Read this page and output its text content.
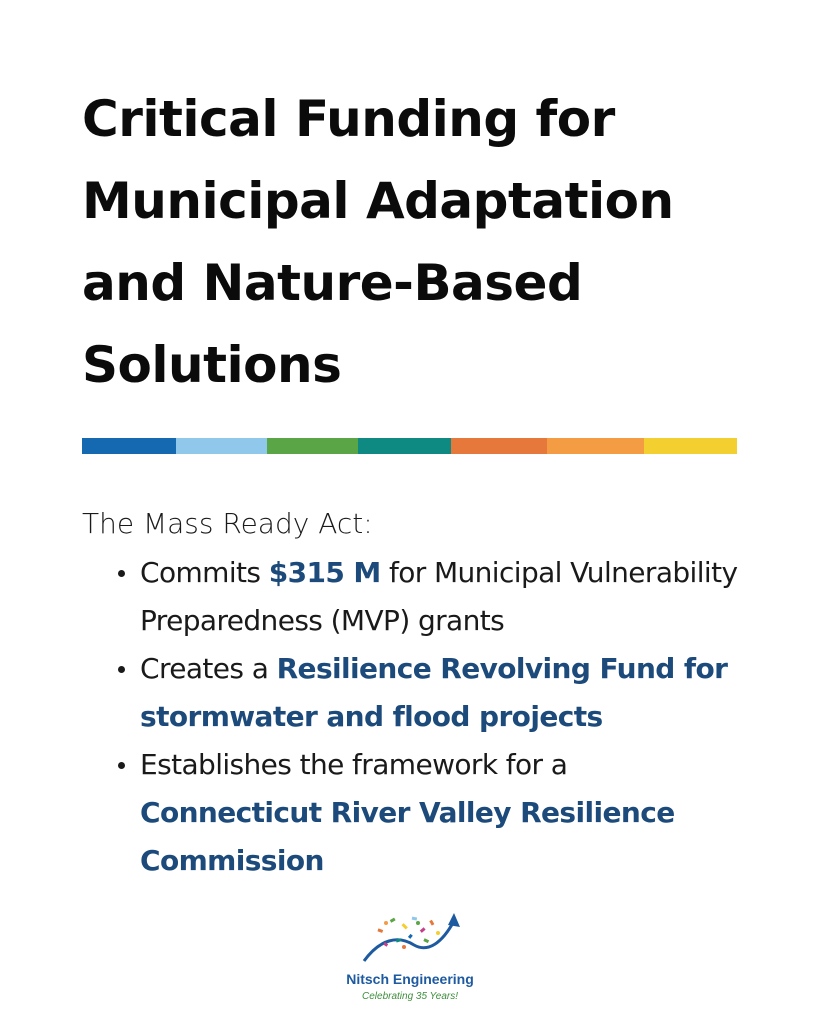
Critical Funding for
Municipal Adaptation
and Nature-Based
Solutions

The Mass Ready Act:

Commits $315 M for Municipal Vulnerability Preparedness (MVP) grants
Creates a Resilience Revolving Fund for stormwater and flood projects
Establishes the framework for a Connecticut River Valley Resilience Commission
Nitsch Engineering
Celebrating 35 Years!
